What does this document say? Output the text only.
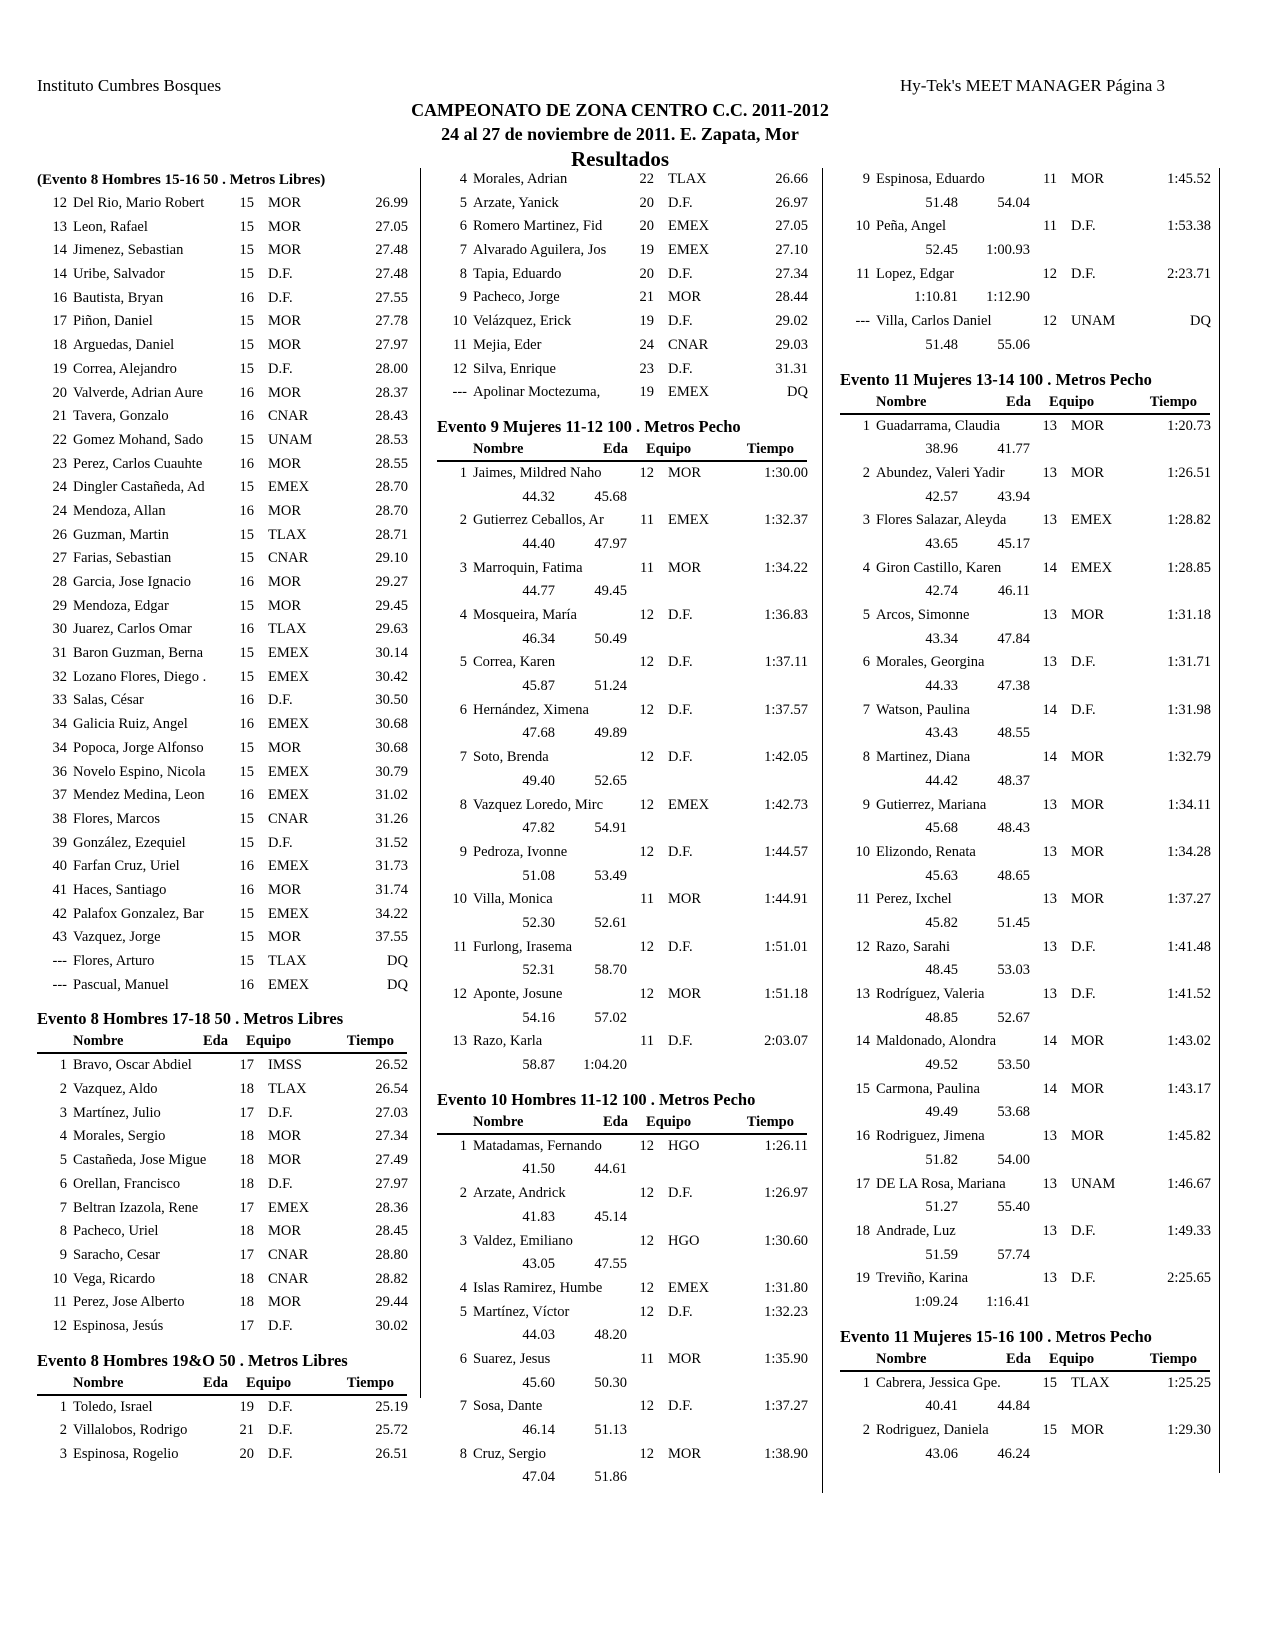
Instituto Cumbres Bosques	Hy-Tek's MEET MANAGER Página 3
CAMPEONATO DE ZONA CENTRO C.C. 2011-2012
24 al 27 de noviembre de 2011. E. Zapata, Mor
Resultados
(Evento 8 Hombres 15-16 50 . Metros Libres)
12 Del Rio, Mario Robert	15 MOR	26.99
13 Leon, Rafael	15 MOR	27.05
14 Jimenez, Sebastian	15 MOR	27.48
14 Uribe, Salvador	15 D.F.	27.48
16 Bautista, Bryan	16 D.F.	27.55
17 Piñon, Daniel	15 MOR	27.78
18 Arguedas, Daniel	15 MOR	27.97
19 Correa, Alejandro	15 D.F.	28.00
20 Valverde, Adrian Aure	16 MOR	28.37
21 Tavera, Gonzalo	16 CNAR	28.43
22 Gomez Mohand, Sado	15 UNAM	28.53
23 Perez, Carlos Cuauhte	16 MOR	28.55
24 Dingler Castañeda, Ad	15 EMEX	28.70
24 Mendoza, Allan	16 MOR	28.70
26 Guzman, Martin	15 TLAX	28.71
27 Farias, Sebastian	15 CNAR	29.10
28 Garcia, Jose Ignacio	16 MOR	29.27
29 Mendoza, Edgar	15 MOR	29.45
30 Juarez, Carlos Omar	16 TLAX	29.63
31 Baron Guzman, Berna	15 EMEX	30.14
32 Lozano Flores, Diego .	15 EMEX	30.42
33 Salas, César	16 D.F.	30.50
34 Galicia Ruiz, Angel	16 EMEX	30.68
34 Popoca, Jorge Alfonso	15 MOR	30.68
36 Novelo Espino, Nicola	15 EMEX	30.79
37 Mendez Medina, Leon	16 EMEX	31.02
38 Flores, Marcos	15 CNAR	31.26
39 González, Ezequiel	15 D.F.	31.52
40 Farfan Cruz, Uriel	16 EMEX	31.73
41 Haces, Santiago	16 MOR	31.74
42 Palafox Gonzalez, Bar	15 EMEX	34.22
43 Vazquez, Jorge	15 MOR	37.55
--- Flores, Arturo	15 TLAX	DQ
--- Pascual, Manuel	16 EMEX	DQ
Evento 8 Hombres 17-18 50 . Metros Libres
Nombre	Eda	Equipo	Tiempo
1 Bravo, Oscar Abdiel	17 IMSS	26.52
2 Vazquez, Aldo	18 TLAX	26.54
3 Martínez, Julio	17 D.F.	27.03
4 Morales, Sergio	18 MOR	27.34
5 Castañeda, Jose Migue	18 MOR	27.49
6 Orellan, Francisco	18 D.F.	27.97
7 Beltran Izazola, Rene	17 EMEX	28.36
8 Pacheco, Uriel	18 MOR	28.45
9 Saracho, Cesar	17 CNAR	28.80
10 Vega, Ricardo	18 CNAR	28.82
11 Perez, Jose Alberto	18 MOR	29.44
12 Espinosa, Jesús	17 D.F.	30.02
Evento 8 Hombres 19&O 50 . Metros Libres
Nombre	Eda	Equipo	Tiempo
1 Toledo, Israel	19 D.F.	25.19
2 Villalobos, Rodrigo	21 D.F.	25.72
3 Espinosa, Rogelio	20 D.F.	26.51
4 Morales, Adrian	22 TLAX	26.66
5 Arzate, Yanick	20 D.F.	26.97
6 Romero Martinez, Fid	20 EMEX	27.05
7 Alvarado Aguilera, Jos	19 EMEX	27.10
8 Tapia, Eduardo	20 D.F.	27.34
9 Pacheco, Jorge	21 MOR	28.44
10 Velázquez, Erick	19 D.F.	29.02
11 Mejia, Eder	24 CNAR	29.03
12 Silva, Enrique	23 D.F.	31.31
--- Apolinar Moctezuma,	19 EMEX	DQ
Evento 9 Mujeres 11-12 100 . Metros Pecho
Nombre	Eda	Equipo	Tiempo
1 Jaimes, Mildred Naho	12 MOR	1:30.00
44.32	45.68
2 Gutierrez Ceballos, Ar	11 EMEX	1:32.37
44.40	47.97
3 Marroquin, Fatima	11 MOR	1:34.22
44.77	49.45
4 Mosqueira, María	12 D.F.	1:36.83
46.34	50.49
5 Correa, Karen	12 D.F.	1:37.11
45.87	51.24
6 Hernández, Ximena	12 D.F.	1:37.57
47.68	49.89
7 Soto, Brenda	12 D.F.	1:42.05
49.40	52.65
8 Vazquez Loredo, Mirc	12 EMEX	1:42.73
47.82	54.91
9 Pedroza, Ivonne	12 D.F.	1:44.57
51.08	53.49
10 Villa, Monica	11 MOR	1:44.91
52.30	52.61
11 Furlong, Irasema	12 D.F.	1:51.01
52.31	58.70
12 Aponte, Josune	12 MOR	1:51.18
54.16	57.02
13 Razo, Karla	11 D.F.	2:03.07
58.87	1:04.20
Evento 10 Hombres 11-12 100 . Metros Pecho
Nombre	Eda	Equipo	Tiempo
1 Matadamas, Fernando	12 HGO	1:26.11
41.50	44.61
2 Arzate, Andrick	12 D.F.	1:26.97
41.83	45.14
3 Valdez, Emiliano	12 HGO	1:30.60
43.05	47.55
4 Islas Ramirez, Humbe	12 EMEX	1:31.80
5 Martínez, Víctor	12 D.F.	1:32.23
44.03	48.20
6 Suarez, Jesus	11 MOR	1:35.90
45.60	50.30
7 Sosa, Dante	12 D.F.	1:37.27
46.14	51.13
8 Cruz, Sergio	12 MOR	1:38.90
47.04	51.86
9 Espinosa, Eduardo	11 MOR	1:45.52
51.48	54.04
10 Peña, Angel	11 D.F.	1:53.38
52.45	1:00.93
11 Lopez, Edgar	12 D.F.	2:23.71
1:10.81	1:12.90
--- Villa, Carlos Daniel	12 UNAM	DQ
51.48	55.06
Evento 11 Mujeres 13-14 100 . Metros Pecho
Nombre	Eda	Equipo	Tiempo
1 Guadarrama, Claudia	13 MOR	1:20.73
38.96	41.77
2 Abundez, Valeri Yadir	13 MOR	1:26.51
42.57	43.94
3 Flores Salazar, Aleyda	13 EMEX	1:28.82
43.65	45.17
4 Giron Castillo, Karen	14 EMEX	1:28.85
42.74	46.11
5 Arcos, Simonne	13 MOR	1:31.18
43.34	47.84
6 Morales, Georgina	13 D.F.	1:31.71
44.33	47.38
7 Watson, Paulina	14 D.F.	1:31.98
43.43	48.55
8 Martinez, Diana	14 MOR	1:32.79
44.42	48.37
9 Gutierrez, Mariana	13 MOR	1:34.11
45.68	48.43
10 Elizondo, Renata	13 MOR	1:34.28
45.63	48.65
11 Perez, Ixchel	13 MOR	1:37.27
45.82	51.45
12 Razo, Sarahi	13 D.F.	1:41.48
48.45	53.03
13 Rodríguez, Valeria	13 D.F.	1:41.52
48.85	52.67
14 Maldonado, Alondra	14 MOR	1:43.02
49.52	53.50
15 Carmona, Paulina	14 MOR	1:43.17
49.49	53.68
16 Rodriguez, Jimena	13 MOR	1:45.82
51.82	54.00
17 DE LA Rosa, Mariana	13 UNAM	1:46.67
51.27	55.40
18 Andrade, Luz	13 D.F.	1:49.33
51.59	57.74
19 Treviño, Karina	13 D.F.	2:25.65
1:09.24	1:16.41
Evento 11 Mujeres 15-16 100 . Metros Pecho
Nombre	Eda	Equipo	Tiempo
1 Cabrera, Jessica Gpe.	15 TLAX	1:25.25
40.41	44.84
2 Rodriguez, Daniela	15 MOR	1:29.30
43.06	46.24
